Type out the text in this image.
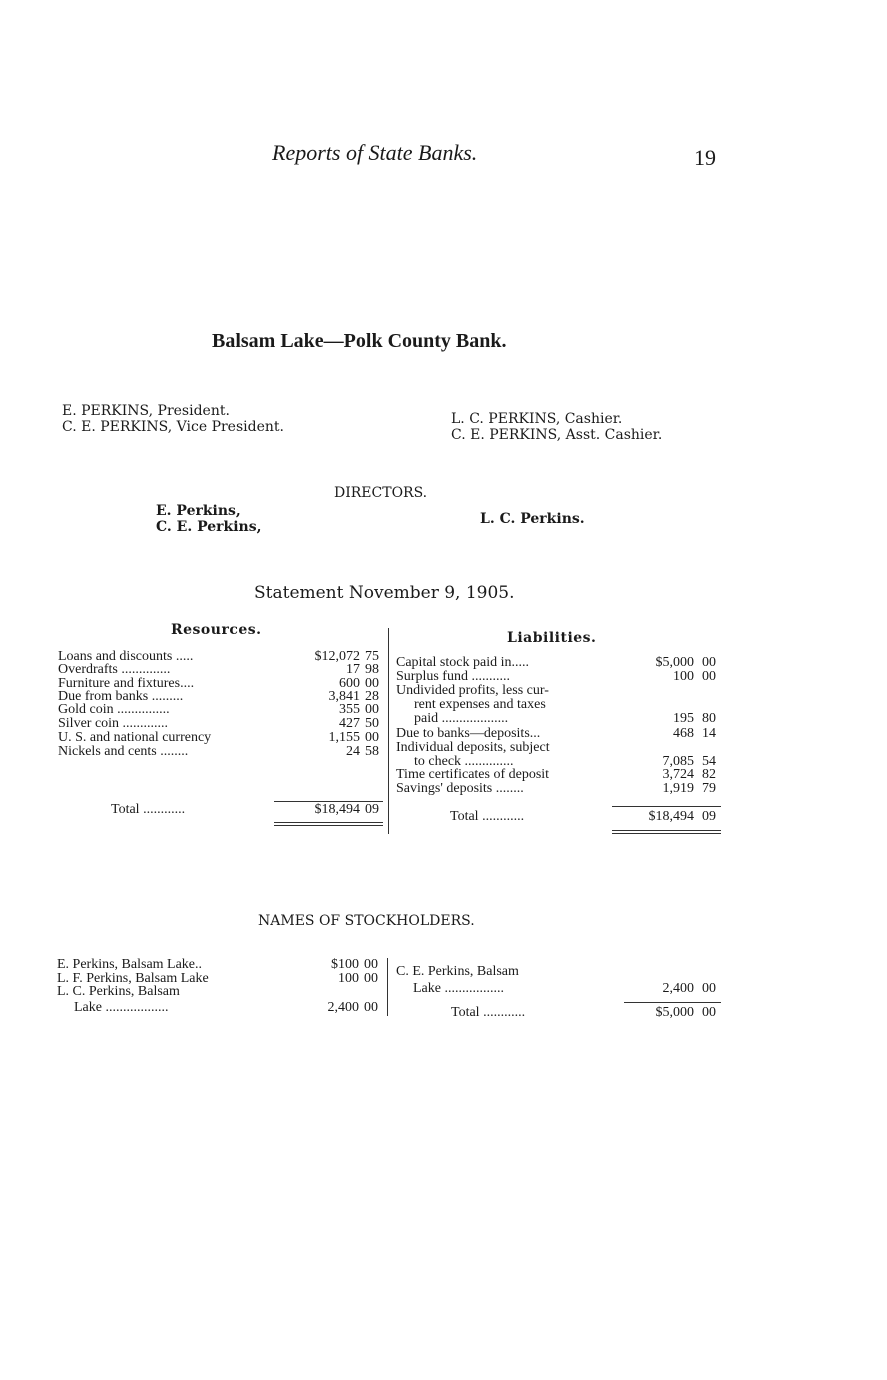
Reports of State Banks.	19
Balsam Lake—Polk County Bank.
E. PERKINS, President.
C. E. PERKINS, Vice President.	L. C. PERKINS, Cashier.
C. E. PERKINS, Asst. Cashier.
DIRECTORS.
E. Perkins,
C. E. Perkins,	L. C. Perkins.
Statement November 9, 1905.
Resources.	Liabilities.
Loans and discounts .....	$12,072 75
Overdrafts ..............	17 98
Furniture and fixtures....	600 00
Due from banks .........	3,841 28
Gold coin ...............	355 00
Silver coin .............	427 50
U. S. and national currency	1,155 00
Nickels and cents ........	24 58
Total ............	$18,494 09
Capital stock paid in.....	$5,000 00
Surplus fund ...........	100 00
Undivided profits, less cur-
rent expenses and taxes
paid ...................	195 80
Due to banks—deposits...	468 14
Individual deposits, subject
to check ..............	7,085 54
Time certificates of deposit	3,724 82
Savings' deposits ........	1,919 79
Total ............	$18,494 09
NAMES OF STOCKHOLDERS.
E. Perkins, Balsam Lake..	$100 00
L. F. Perkins, Balsam Lake	100 00
L. C. Perkins, Balsam
Lake ..................	2,400 00
C. E. Perkins, Balsam
Lake .................	2,400 00
Total ............	$5,000 00
